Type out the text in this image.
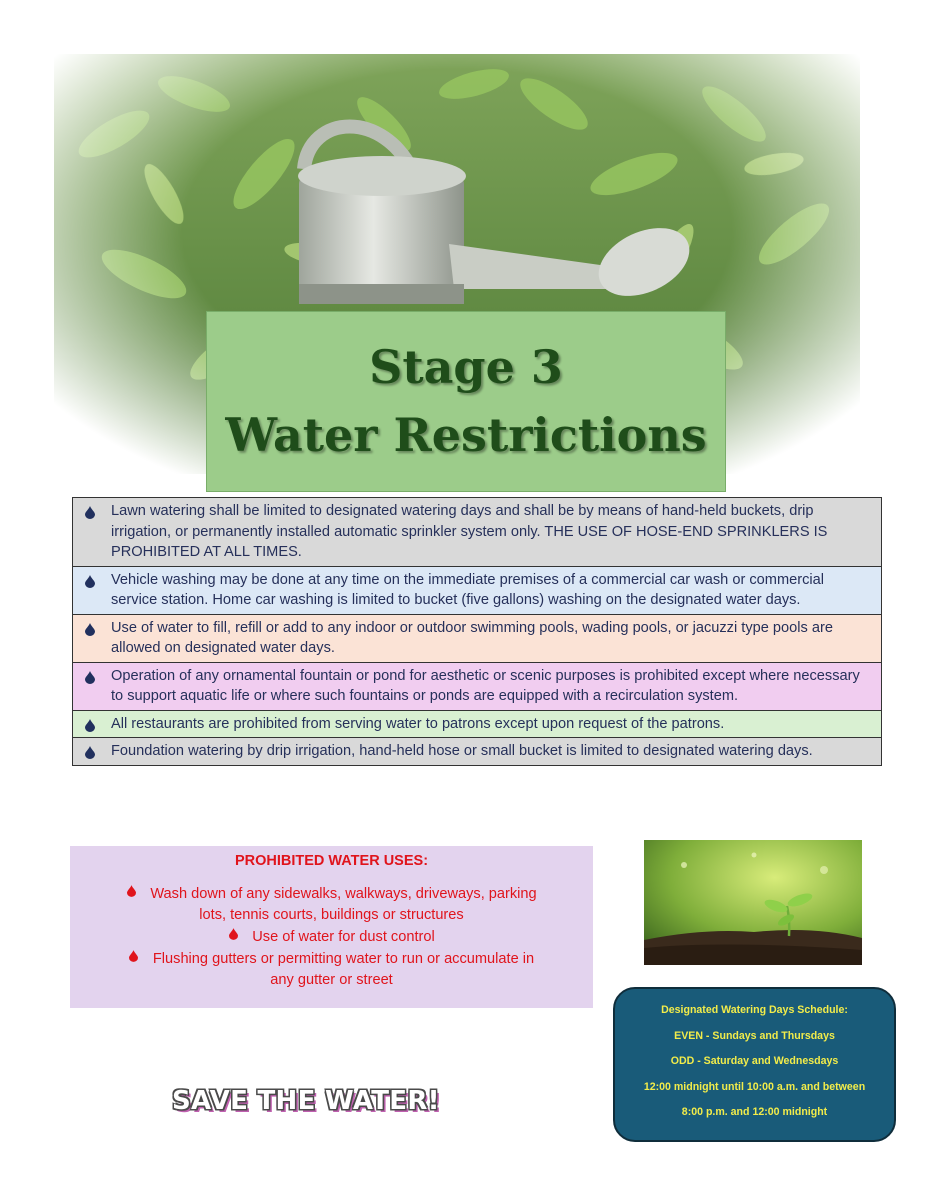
Stage 3
Water Restrictions
Lawn watering shall be limited to designated watering days and shall be by means of hand-held buckets, drip irrigation, or permanently installed automatic sprinkler system only. THE USE OF HOSE-END SPRINKLERS IS PROHIBITED AT ALL TIMES.
Vehicle washing may be done at any time on the immediate premises of a commercial car wash or commercial service station. Home car washing is limited to bucket (five gallons) washing on the designated water days.
Use of water to fill, refill or add to any indoor or outdoor swimming pools, wading pools, or jacuzzi type pools are allowed on designated water days.
Operation of any ornamental fountain or pond for aesthetic or scenic purposes is prohibited except where necessary to support aquatic life or where such fountains or ponds are equipped with a recirculation system.
All restaurants are prohibited from serving water to patrons except upon request of the patrons.
Foundation watering by drip irrigation, hand-held hose or small bucket is limited to designated watering days.
PROHIBITED WATER USES:
Wash down of any sidewalks, walkways, driveways, parking
lots, tennis courts, buildings or structures
Use of water for dust control
Flushing gutters or permitting water to run or accumulate in
any gutter or street
Designated Watering Days Schedule:
EVEN - Sundays and Thursdays
ODD - Saturday and Wednesdays
12:00 midnight until 10:00 a.m. and between
8:00 p.m. and 12:00 midnight
SAVE THE WATER!
